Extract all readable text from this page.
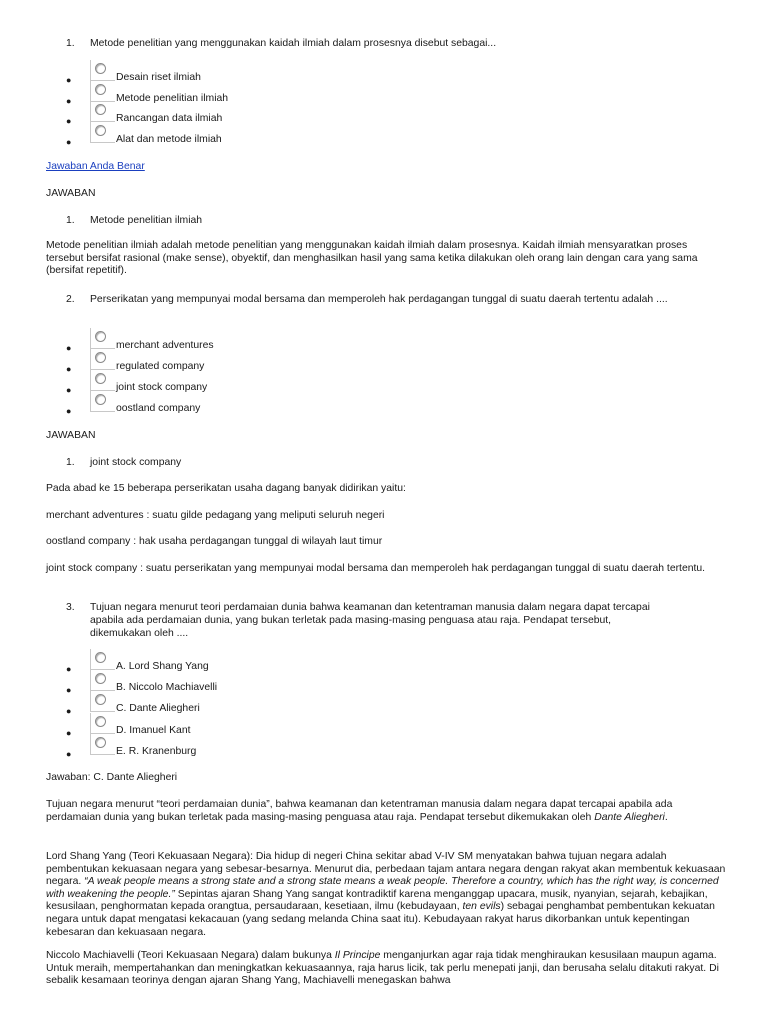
1. Metode penelitian yang menggunakan kaidah ilmiah dalam prosesnya disebut sebagai...
●	Desain riset ilmiah
●	Metode penelitian ilmiah
●	Rancangan data ilmiah
●	Alat dan metode ilmiah
Jawaban Anda Benar
JAWABAN
1. Metode penelitian ilmiah
Metode penelitian ilmiah adalah metode penelitian yang menggunakan kaidah ilmiah dalam prosesnya. Kaidah ilmiah mensyaratkan proses tersebut bersifat rasional (make sense), obyektif, dan menghasilkan hasil yang sama ketika dilakukan oleh orang lain dengan cara yang sama (bersifat repetitif).
2. Perserikatan yang mempunyai modal bersama dan memperoleh hak perdagangan tunggal di suatu daerah tertentu adalah ....
●	merchant adventures
●	regulated company
●	joint stock company
●	oostland company
JAWABAN
1. joint stock company
Pada abad ke 15 beberapa perserikatan usaha dagang banyak didirikan yaitu:
merchant adventures : suatu gilde pedagang yang meliputi seluruh negeri
oostland company : hak usaha perdagangan tunggal di wilayah laut timur
joint stock company : suatu perserikatan yang mempunyai modal bersama dan memperoleh hak perdagangan tunggal di suatu daerah tertentu.
3. Tujuan negara menurut teori perdamaian dunia bahwa keamanan dan ketentraman manusia dalam negara dapat tercapai apabila ada perdamaian dunia, yang bukan terletak pada masing-masing penguasa atau raja. Pendapat tersebut, dikemukakan oleh ....
●	A. Lord Shang Yang
●	B. Niccolo Machiavelli
●	C. Dante Aliegheri
●	D. Imanuel Kant
●	E. R. Kranenburg
Jawaban: C. Dante Aliegheri
Tujuan negara menurut “teori perdamaian dunia”, bahwa keamanan dan ketentraman manusia dalam negara dapat tercapai apabila ada perdamaian dunia yang bukan terletak pada masing-masing penguasa atau raja. Pendapat tersebut dikemukakan oleh Dante Aliegheri.
Lord Shang Yang (Teori Kekuasaan Negara): Dia hidup di negeri China sekitar abad V-IV SM menyatakan bahwa tujuan negara adalah pembentukan kekuasaan negara yang sebesar-besarnya. Menurut dia, perbedaan tajam antara negara dengan rakyat akan membentuk kekuasaan negara. “A weak people means a strong state and a strong state means a weak people. Therefore a country, which has the right way, is concerned with weakening the people.” Sepintas ajaran Shang Yang sangat kontradiktif karena menganggap upacara, musik, nyanyian, sejarah, kebajikan, kesusilaan, penghormatan kepada orangtua, persaudaraan, kesetiaan, ilmu (kebudayaan, ten evils) sebagai penghambat pembentukan kekuatan negara untuk dapat mengatasi kekacauan (yang sedang melanda China saat itu). Kebudayaan rakyat harus dikorbankan untuk kepentingan kebesaran dan kekuasaan negara.
Niccolo Machiavelli (Teori Kekuasaan Negara) dalam bukunya Il Principe menganjurkan agar raja tidak menghiraukan kesusilaan maupun agama. Untuk meraih, mempertahankan dan meningkatkan kekuasaannya, raja harus licik, tak perlu menepati janji, dan berusaha selalu ditakuti rakyat. Di sebalik kesamaan teorinya dengan ajaran Shang Yang, Machiavelli menegaskan bahwa
